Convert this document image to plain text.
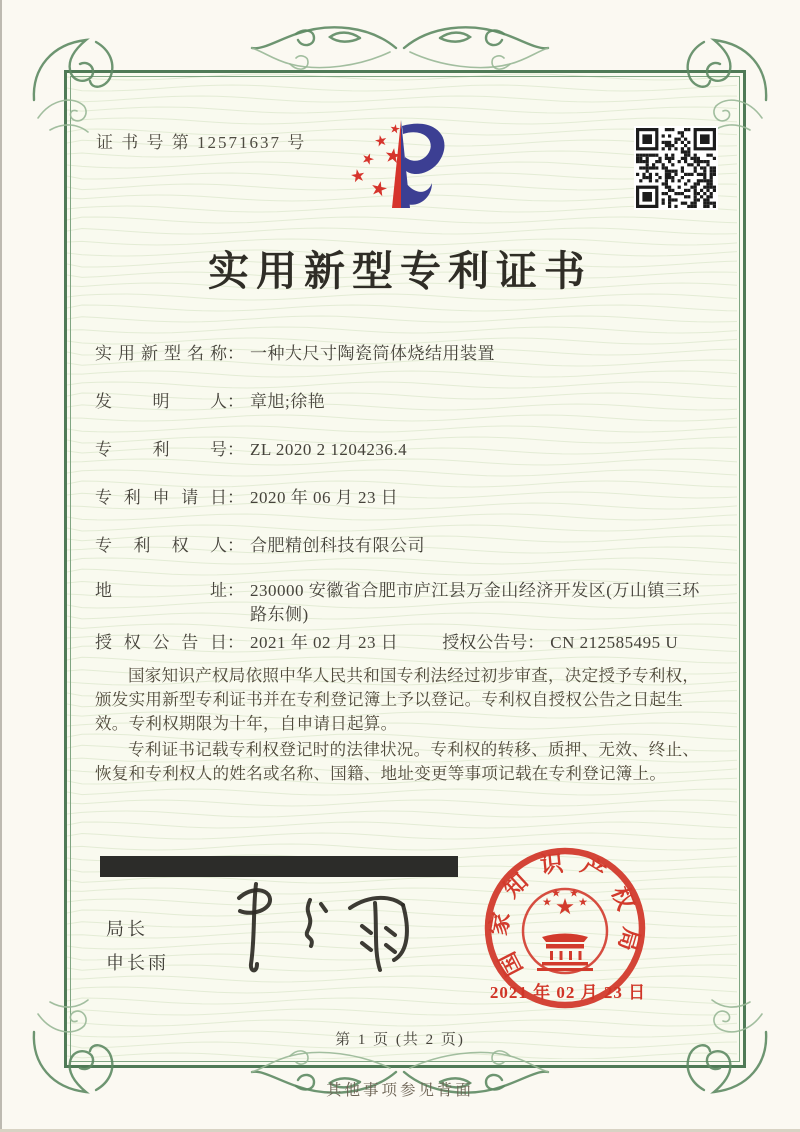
证 书 号 第 12571637 号
实用新型专利证书
实用新型名称 ： 一种大尺寸陶瓷筒体烧结用装置
发明人 ： 章旭;徐艳
专利号 ： ZL 2020 2 1204236.4
专利申请日 ： 2020 年 06 月 23 日
专利权人 ： 合肥精创科技有限公司
地址 ： 230000 安徽省合肥市庐江县万金山经济开发区(万山镇三环路东侧)
授权公告日 ： 2021 年 02 月 23 日	授权公告号 ： CN 212585495 U

国家知识产权局依照中华人民共和国专利法经过初步审查，决定授予专利权，颁发实用新型专利证书并在专利登记簿上予以登记。专利权自授权公告之日起生效。专利权期限为十年，自申请日起算。

专利证书记载专利权登记时的法律状况。专利权的转移、质押、无效、终止、恢复和专利权人的姓名或名称、国籍、地址变更等事项记载在专利登记簿上。

局长
申长雨	国家知识产权局
2021 年 02 月 23 日
第 1 页 (共 2 页)
其他事项参见背面
